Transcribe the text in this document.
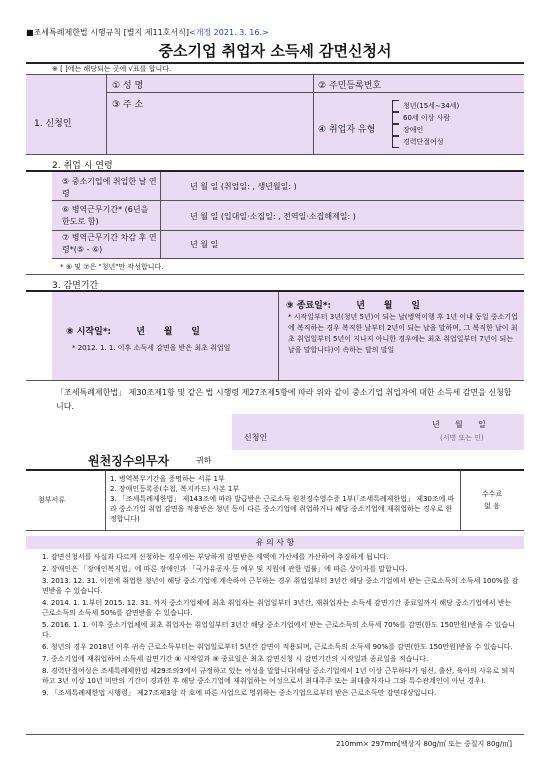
■조세특례제한법 시행규칙 [별지 제11호서식]<개정 2021. 3. 16.>
중소기업 취업자 소득세 감면신청서
※ [ ]에는 해당되는 곳에 √표를 합니다.
1. 신청인
① 성 명	② 주민등록번호
③ 주 소
④ 취업자 유형
청년(15세∼34세)
60세 이상 사람
장애인
경력단절여성
2. 취업 시 연령
⑤ 중소기업에 취업한 날 연령
년 월 일 (취업일: , 생년월일: )
⑥ 병역근무기간* (6년을 한도로 함)
년 월 일 (입대일·소집일: , 전역일·소집해제일: )
⑦ 병역근무기간 차감 후 연령*(⑤ - ⑥)
년 월 일
* ⑥ 및 ⑦은 "청년"만 작성합니다.
3. 감면기간
⑧ 시작일*:        년      월      일
* 2012. 1. 1. 이후 소득세 감면을 받은 최초 취업일
⑨ 종료일*:        년      월      일
* 시작일부터 3년(청년 5년)이 되는 날(병역이행 후 1년 이내 동일 중소기업에 복직하는 경우 복직한 날부터 2년이 되는 날을 말하며, 그 복직한 날이 최초 취업일부터 5년이 지나지 아니한 경우에는 최초 취업일부터 7년이 되는 날을 말합니다)이 속하는 달의 말일
「조세특례제한법」 제30조제1항 및 같은 법 시행령 제27조제5항에 따라 위와 같이 중소기업 취업자에 대한 소득세 감면을 신청합니다.
년      월      일
신청인	(서명 또는 인)
원천징수의무자	귀하
첨부서류
1. 병역복무기간을 증명하는 서류 1부
2. 장애인등록증(수첩, 복지카드) 사본 1부
3. 「조세특례제한법」 제143조에 따라 발급받은 근로소득 원천징수영수증 1부(「조세특례제한법」 제30조에 따라 중소기업 취업 감면을 적용받은 청년 등이 다른 중소기업에 취업하거나 해당 중소기업에 재취업하는 경우로 한정합니다)
수수료
없 음
유 의 사 항

1. 감면신청서를 사실과 다르게 신청하는 경우에는 부당하게 감면받은 세액에 가산세를 가산하여 추징하게 됩니다.

2. 장애인은 「장애인복지법」에 따른 장애인과 「국가유공자 등 예우 및 지원에 관한 법률」에 따른 상이자를 말합니다.

3. 2013. 12. 31. 이전에 취업한 청년이 해당 중소기업에 계속하여 근무하는 경우 취업일부터 3년간 해당 중소기업에서 받는 근로소득의 소득세 100%를 감면받을 수 있습니다.

4. 2014. 1. 1.부터 2015. 12. 31. 까지 중소기업체에 최초 취업자는 취업일부터 3년간, 재취업자는 소득세 감면기간 종료일까지 해당 중소기업에서 받는 근로소득의 소득세 50%를 감면받을 수 있습니다.

5. 2016. 1. 1. 이후 중소기업체에 최초 취업자는 취업일부터 3년간 해당 중소기업에서 받는 근로소득의 소득세 70%를 감면(한도 150만원)받을 수 있습니다.

6. 청년의 경우 2018년 이후 귀속 근로소득부터는 취업일로부터 5년간 감면이 적용되며, 근로소득의 소득세 90%를 감면(한도 150만원)받을 수 있습니다.

7. 중소기업에 재취업하여 소득세 감면기간 ⑧ 시작일과 ⑨ 종료일은 최초 감면신청 시 감면기간의 시작일과 종료일을 적습니다.

8. 경력단절여성은 조세특례제한법 제29조의3에서 규정하고 있는 여성을 말합니다(해당 중소기업에서 1년 이상 근무하다가 임신, 출산, 육아의 사유로 퇴직하고 3년 이상 10년 미만의 기간이 경과한 후 해당 중소기업에 재취업하는 여성으로서 최대주주 또는 최대출자자나 그와 특수관계인이 아닌 경우).

9. 「조세특례제한법 시행령」 제27조제3항 각 호에 따른 사업으로 영위하는 중소기업으로부터 받은 근로소득만 감면대상입니다.

210mm× 297mm[백상지 80g/㎡ 또는 중질지 80g/㎡]
